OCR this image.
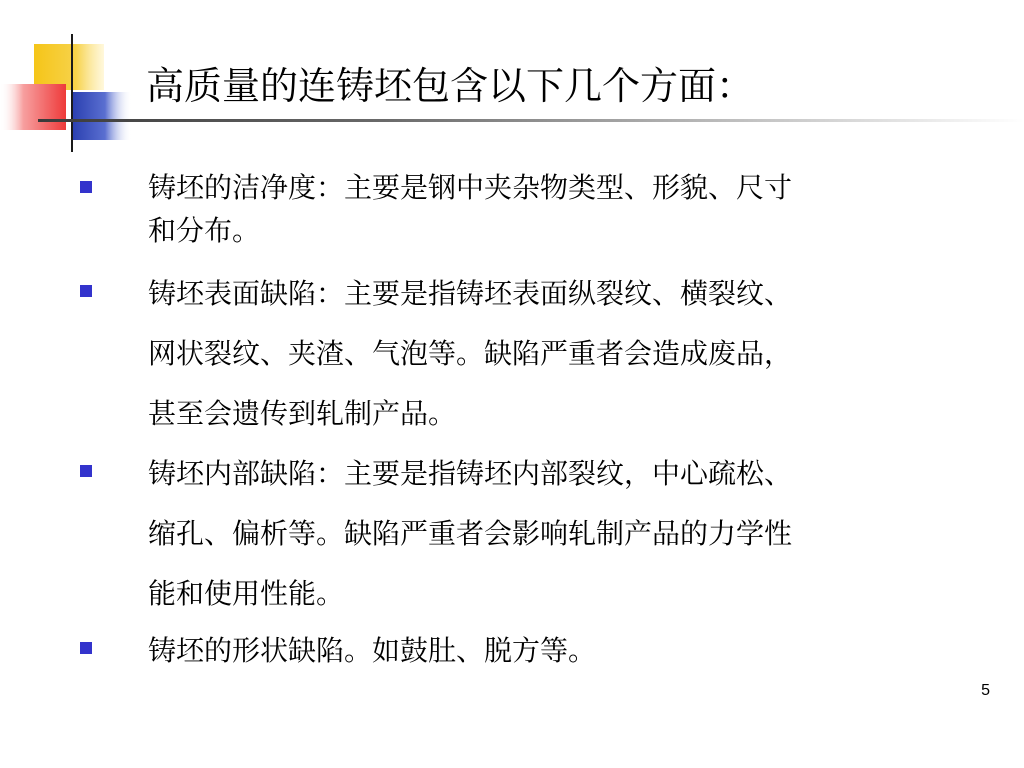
高质量的连铸坯包含以下几个方面：

铸坯的洁净度：主要是钢中夹杂物类型、形貌、尺寸
和分布。

铸坯表面缺陷：主要是指铸坯表面纵裂纹、横裂纹、
网状裂纹、夹渣、气泡等。缺陷严重者会造成废品，
甚至会遗传到轧制产品。

铸坯内部缺陷：主要是指铸坯内部裂纹，中心疏松、
缩孔、偏析等。缺陷严重者会影响轧制产品的力学性
能和使用性能。

铸坯的形状缺陷。如鼓肚、脱方等。

5
